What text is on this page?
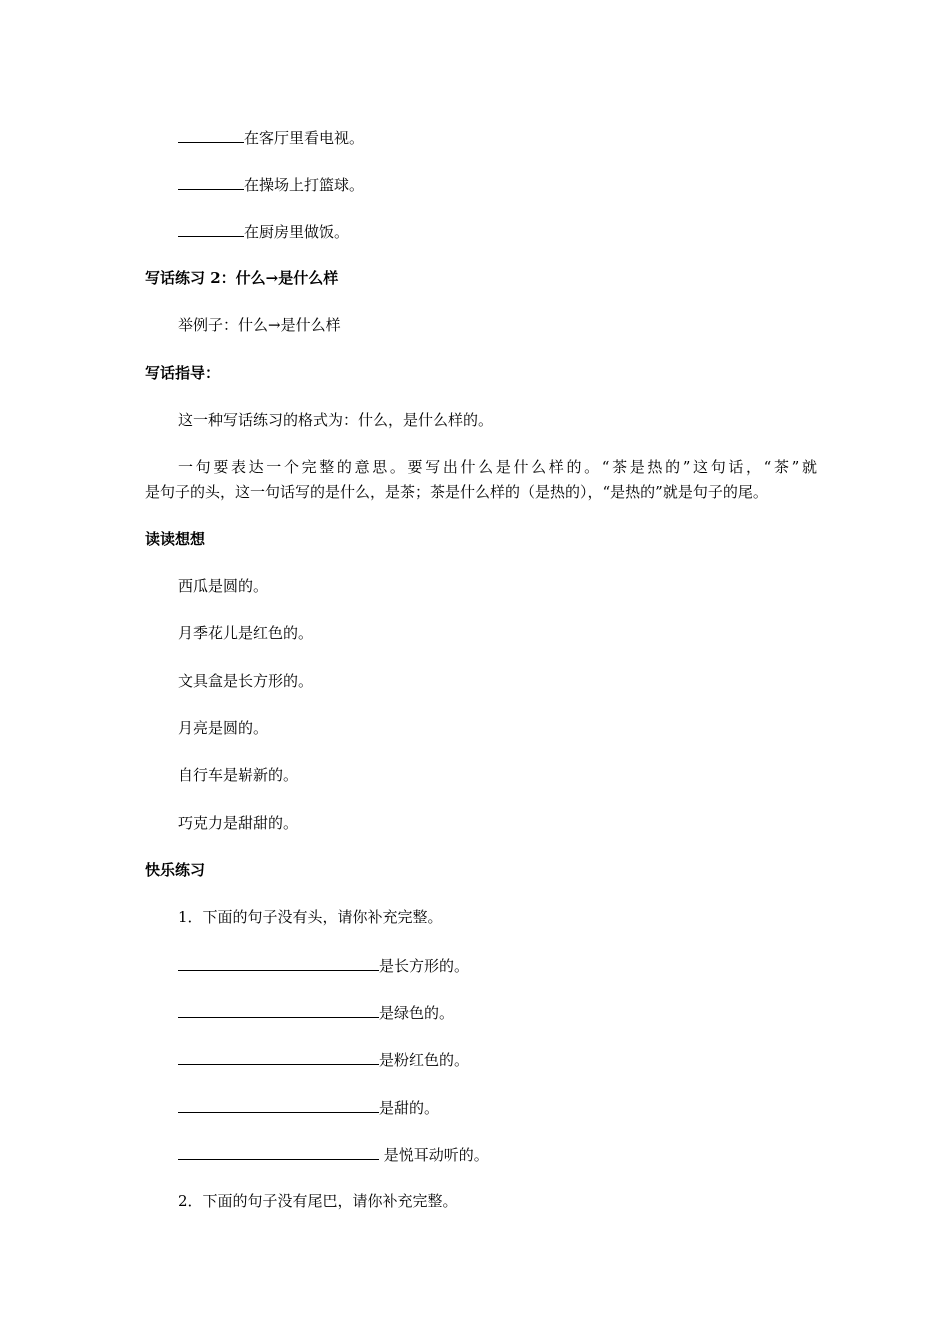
在客厅里看电视。
在操场上打篮球。
在厨房里做饭。
写话练习 2：什么→是什么样
举例子：什么→是什么样
写话指导：
这一种写话练习的格式为：什么，是什么样的。
一句要表达一个完整的意思。要写出什么是什么样的。“茶是热的”这句话，“茶”就
是句子的头，这一句话写的是什么，是茶；茶是什么样的（是热的），“是热的”就是句子的尾。
读读想想
西瓜是圆的。
月季花儿是红色的。
文具盒是长方形的。
月亮是圆的。
自行车是崭新的。
巧克力是甜甜的。
快乐练习
1．下面的句子没有头，请你补充完整。
是长方形的。
是绿色的。
是粉红色的。
是甜的。
是悦耳动听的。
2．下面的句子没有尾巴，请你补充完整。
